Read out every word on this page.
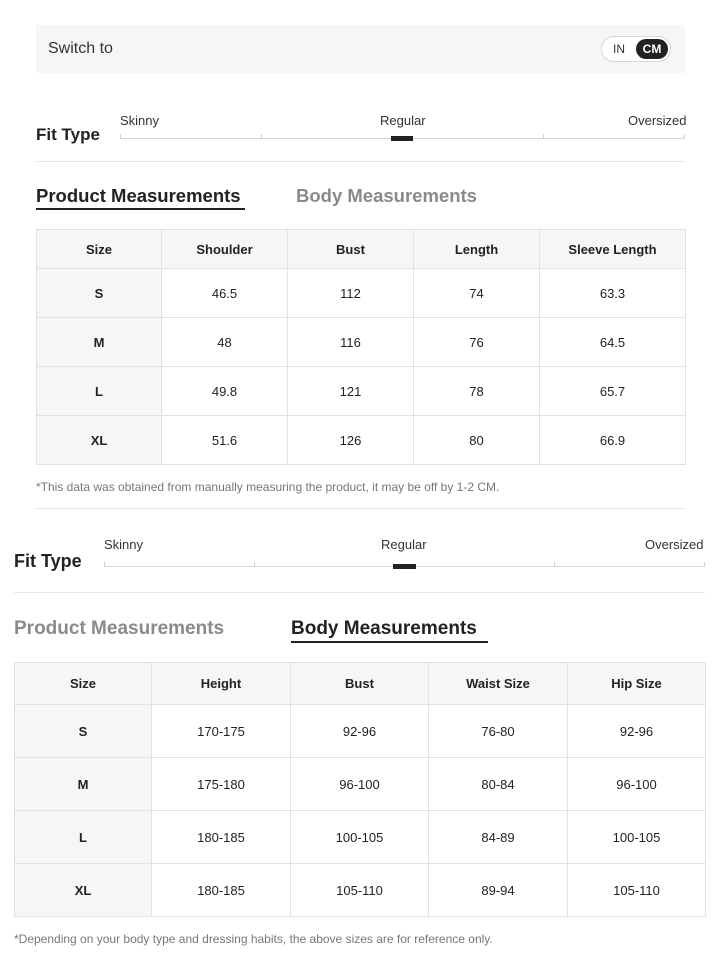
Switch to	IN	CM
Fit Type
Skinny	Regular	Oversized
Product Measurements	Body Measurements
Size	Shoulder	Bust	Length	Sleeve Length
S	46.5	112	74	63.3
M	48	116	76	64.5
L	49.8	121	78	65.7
XL	51.6	126	80	66.9
*This data was obtained from manually measuring the product, it may be off by 1-2 CM.
Fit Type
Skinny	Regular	Oversized
Product Measurements	Body Measurements
Size	Height	Bust	Waist Size	Hip Size
S	170-175	92-96	76-80	92-96
M	175-180	96-100	80-84	96-100
L	180-185	100-105	84-89	100-105
XL	180-185	105-110	89-94	105-110
*Depending on your body type and dressing habits, the above sizes are for reference only.
